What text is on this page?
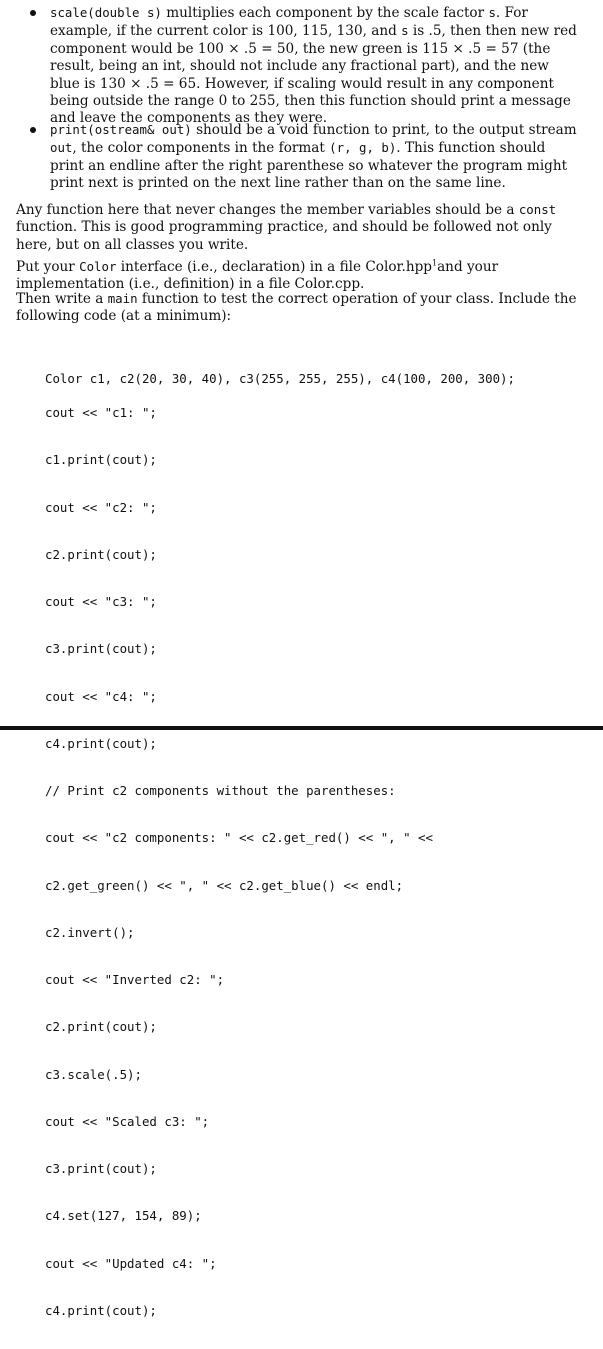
scale(double s) multiplies each component by the scale factor s. For example, if the current color is 100, 115, 130, and s is .5, then then new red component would be 100 × .5 = 50, the new green is 115 × .5 = 57 (the result, being an int, should not include any fractional part), and the new blue is 130 × .5 = 65. However, if scaling would result in any component being outside the range 0 to 255, then this function should print a message and leave the components as they were.
print(ostream& out) should be a void function to print, to the output stream out, the color components in the format (r, g, b). This function should print an endline after the right parenthese so whatever the program might print next is printed on the next line rather than on the same line.
Any function here that never changes the member variables should be a const function. This is good programming practice, and should be followed not only here, but on all classes you write.
Put your Color interface (i.e., declaration) in a file Color.hpp$^1$and your implementation (i.e., definition) in a file Color.cpp.
Then write a main function to test the correct operation of your class. Include the following code (at a minimum):

Color c1, c2(20, 30, 40), c3(255, 255, 255), c4(100, 200, 300);

cout << "c1: ";

c1.print(cout);

cout << "c2: ";

c2.print(cout);

cout << "c3: ";

c3.print(cout);

cout << "c4: ";

c4.print(cout);

// Print c2 components without the parentheses:

cout << "c2 components: " << c2.get_red() << ", " <<

c2.get_green() << ", " << c2.get_blue() << endl;

c2.invert();

cout << "Inverted c2: ";

c2.print(cout);

c3.scale(.5);

cout << "Scaled c3: ";

c3.print(cout);

c4.set(127, 154, 89);

cout << "Updated c4: ";

c4.print(cout);
